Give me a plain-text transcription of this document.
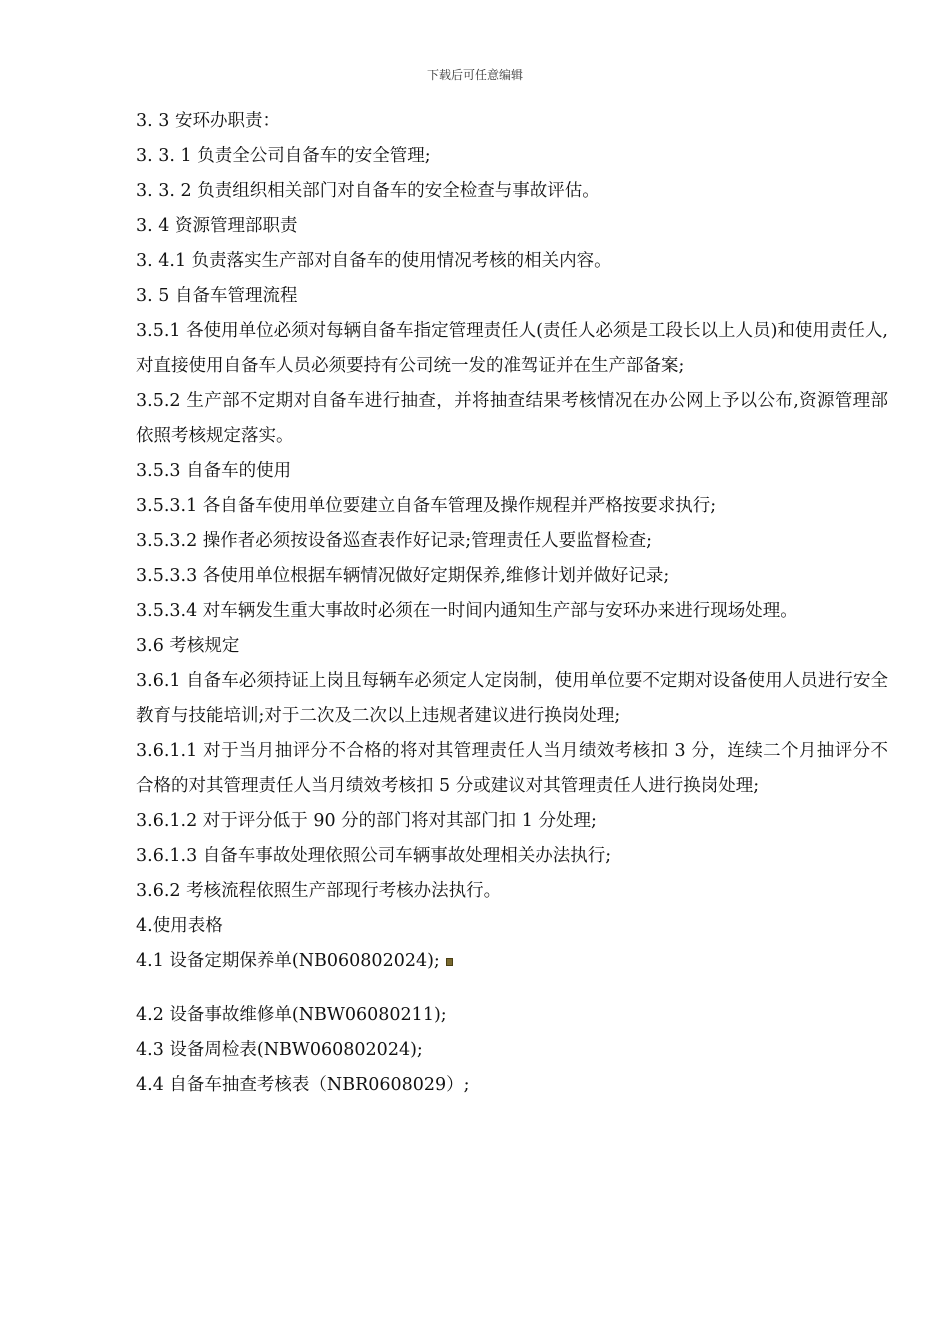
下载后可任意编辑

3. 3 安环办职责：

3. 3. 1 负责全公司自备车的安全管理;

3. 3. 2 负责组织相关部门对自备车的安全检查与事故评估。

3. 4 资源管理部职责

3. 4.1 负责落实生产部对自备车的使用情况考核的相关内容。

3. 5 自备车管理流程

3.5.1 各使用单位必须对每辆自备车指定管理责任人(责任人必须是工段长以上人员)和使用责任人,对直接使用自备车人员必须要持有公司统一发的准驾证并在生产部备案;

3.5.2 生产部不定期对自备车进行抽查，并将抽查结果考核情况在办公网上予以公布,资源管理部依照考核规定落实。

3.5.3 自备车的使用

3.5.3.1 各自备车使用单位要建立自备车管理及操作规程并严格按要求执行;

3.5.3.2 操作者必须按设备巡查表作好记录;管理责任人要监督检查;

3.5.3.3 各使用单位根据车辆情况做好定期保养,维修计划并做好记录;

3.5.3.4 对车辆发生重大事故时必须在一时间内通知生产部与安环办来进行现场处理。

3.6 考核规定

3.6.1 自备车必须持证上岗且每辆车必须定人定岗制，使用单位要不定期对设备使用人员进行安全教育与技能培训;对于二次及二次以上违规者建议进行换岗处理;

3.6.1.1 对于当月抽评分不合格的将对其管理责任人当月绩效考核扣 3 分，连续二个月抽评分不合格的对其管理责任人当月绩效考核扣 5 分或建议对其管理责任人进行换岗处理;

3.6.1.2 对于评分低于 90 分的部门将对其部门扣 1 分处理;

3.6.1.3 自备车事故处理依照公司车辆事故处理相关办法执行;

3.6.2 考核流程依照生产部现行考核办法执行。

4.使用表格

4.1 设备定期保养单(NB060802024);

4.2 设备事故维修单(NBW06080211);

4.3 设备周检表(NBW060802024);

4.4 自备车抽查考核表（NBR0608029）;
